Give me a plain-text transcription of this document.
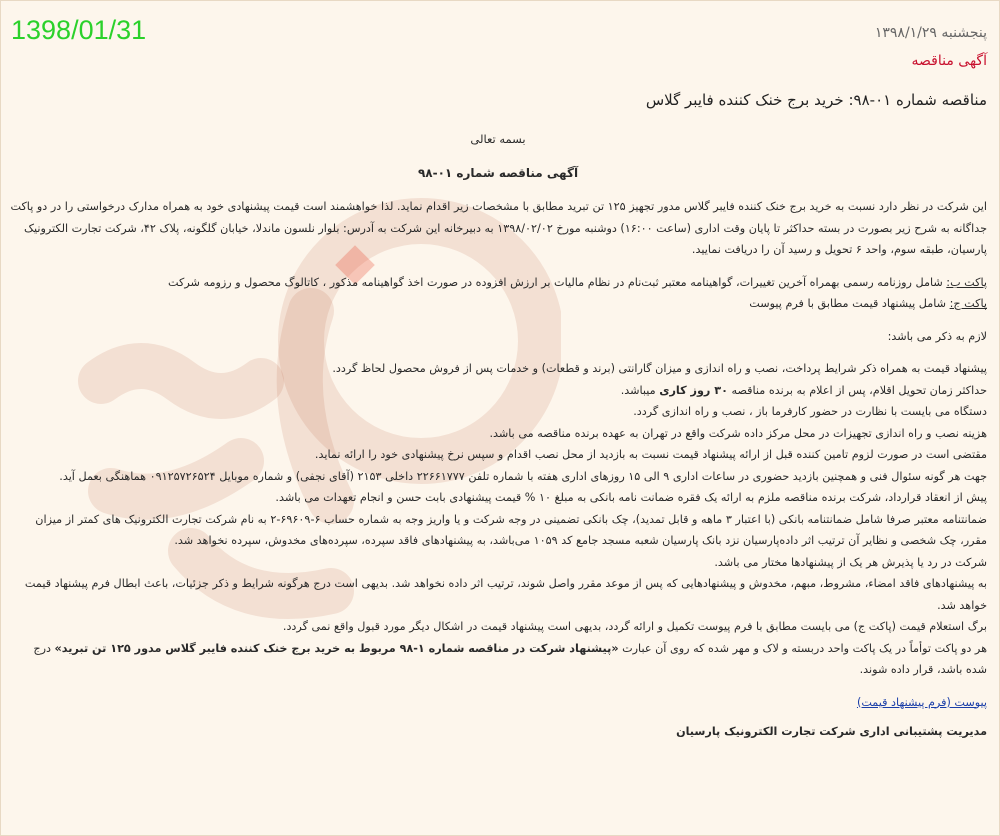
1398/01/31	پنجشنبه ۱۳۹۸/۱/۲۹
آگهی مناقصه
مناقصه شماره ۰۱-۹۸: خرید برج خنک کننده فایبر گلاس
بسمه تعالی
آگهی مناقصه شماره ۰۱-۹۸

این شرکت در نظر دارد نسبت به خرید برج خنک کننده فایبر گلاس مدور تجهیز ۱۲۵ تن تبرید مطابق با مشخصات زیر اقدام نماید. لذا خواهشمند است قیمت پیشنهادی خود به همراه مدارک درخواستی را در دو پاکت جداگانه به شرح زیر بصورت در بسته حداکثر تا پایان وقت اداری (ساعت ۱۶:۰۰) دوشنبه مورخ ۱۳۹۸/۰۲/۰۲ به دبیرخانه این شرکت به آدرس: بلوار نلسون ماندلا، خیابان گلگونه، پلاک ۴۲، شرکت تجارت الکترونیک پارسیان، طبقه سوم، واحد ۶ تحویل و رسید آن را دریافت نمایید.

پاکت ب: شامل روزنامه رسمی بهمراه آخرین تغییرات، گواهینامه معتبر ثبت‌نام در نظام مالیات بر ارزش افزوده در صورت اخذ گواهینامه مذکور ، کاتالوگ محصول و رزومه شرکت

پاکت ج: شامل پیشنهاد قیمت مطابق با فرم پیوست

لازم به ذکر می باشد:

پیشنهاد قیمت به همراه ذکر شرایط پرداخت، نصب و راه اندازی و میزان گارانتی (برند و قطعات) و خدمات پس از فروش محصول لحاظ گردد.

حداکثر زمان تحویل اقلام، پس از اعلام به برنده مناقصه ۳۰ روز کاری میباشد.

دستگاه می بایست با نظارت در حضور کارفرما باز ، نصب و راه اندازی گردد.

هزینه نصب و راه اندازی تجهیزات در محل مرکز داده شرکت واقع در تهران به عهده برنده مناقصه می باشد.

مقتضی است در صورت لزوم تامین کننده قبل از ارائه پیشنهاد قیمت نسبت به بازدید از محل نصب اقدام و سپس نرخ پیشنهادی خود را ارائه نماید.

جهت هر گونه سئوال فنی و همچنین بازدید حضوری در ساعات اداری ۹ الی ۱۵ روزهای اداری هفته با شماره تلفن ۲۲۶۶۱۷۷۷ داخلی ۲۱۵۳ (آقای نجفی) و شماره موبایل ۰۹۱۲۵۷۲۶۵۲۴ هماهنگی بعمل آید.

پیش از انعقاد قرارداد، شرکت برنده مناقصه ملزم به ارائه یک فقره ضمانت نامه بانکی به مبلغ ۱۰ % قیمت پیشنهادی بابت حسن و انجام تعهدات می باشد.

ضمانتنامه معتبر صرفا شامل ضمانتنامه بانکی (با اعتبار ۳ ماهه و قابل تمدید)، چک بانکی تضمینی در وجه شرکت و یا واریز وجه به شماره حساب ۶-۶۹۶۰۹-۲ به نام شرکت تجارت الکترونیک های کمتر از میزان مقرر، چک شخصی و نظایر آن ترتیب اثر داده‌پارسیان نزد بانک پارسیان شعبه مسجد جامع کد ۱۰۵۹ می‌باشد، به پیشنهادهای فاقد سپرده، سپرده‌های مخدوش، سپرده نخواهد شد.

شرکت در رد یا پذیرش هر یک از پیشنهادها مختار می باشد.

به پیشنهادهای فاقد امضاء، مشروط، مبهم، مخدوش و پیشنهادهایی که پس از موعد مقرر واصل شوند، ترتیب اثر داده نخواهد شد. بدیهی است درج هرگونه شرایط و ذکر جزئیات، باعث ابطال فرم پیشنهاد قیمت خواهد شد.

برگ استعلام قیمت (پاکت ج) می بایست مطابق با فرم پیوست تکمیل و ارائه گردد، بدیهی است پیشنهاد قیمت در اشکال دیگر مورد قبول واقع نمی گردد.

هر دو پاکت توأماً در یک پاکت واحد دربسته و لاک و مهر شده که روی آن عبارت «پیشنهاد شرکت در مناقصه شماره ۱-۹۸ مربوط به خرید برج خنک کننده فایبر گلاس مدور ۱۲۵ تن تبرید» درج شده باشد، قرار داده شوند.

پیوست (فرم پیشنهاد قیمت)

مدیریت پشتیبانی اداری شرکت تجارت الکترونیک پارسیان
